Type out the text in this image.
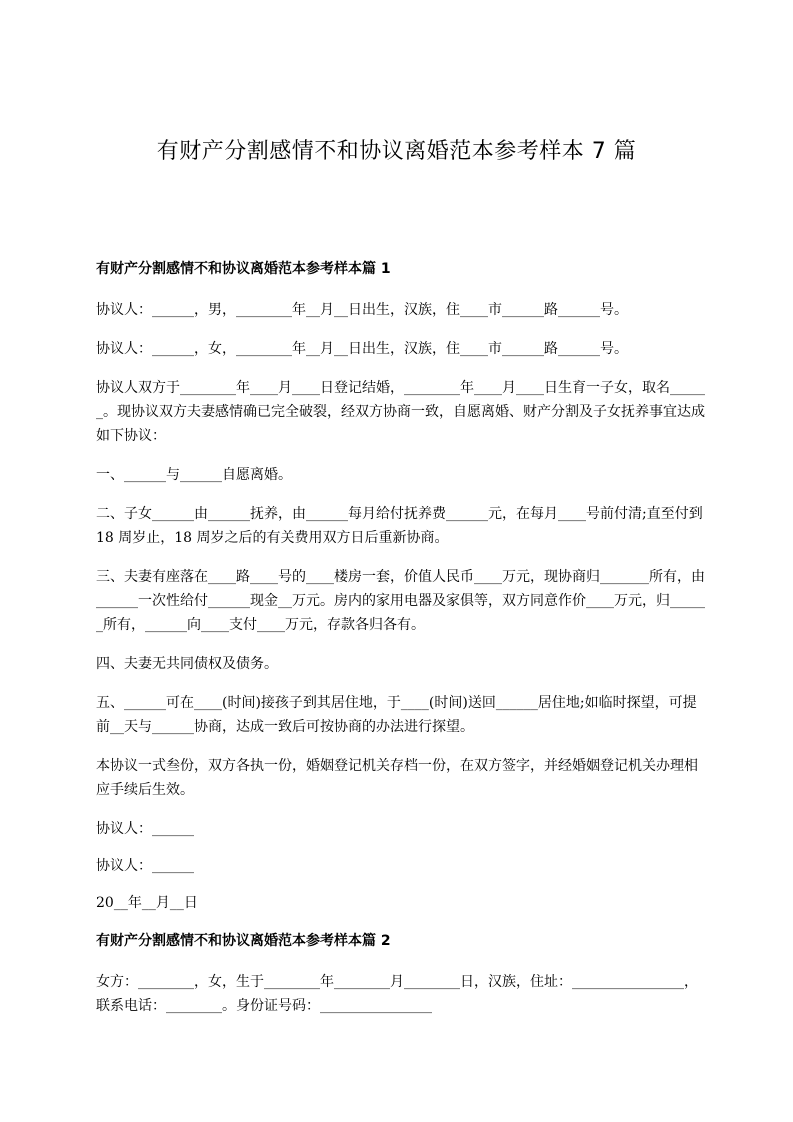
有财产分割感情不和协议离婚范本参考样本 7 篇
有财产分割感情不和协议离婚范本参考样本篇 1

协议人：______，男，________年__月__日出生，汉族，住____市______路______号。

协议人：______，女，________年__月__日出生，汉族，住____市______路______号。

协议人双方于________年____月____日登记结婚，________年____月____日生育一子女，取名______。现协议双方夫妻感情确已完全破裂，经双方协商一致，自愿离婚、财产分割及子女抚养事宜达成如下协议：

一、______与______自愿离婚。

二、子女______由______抚养，由______每月给付抚养费______元，在每月____号前付清;直至付到 18 周岁止，18 周岁之后的有关费用双方日后重新协商。

三、夫妻有座落在____路____号的____楼房一套，价值人民币____万元，现协商归_______所有，由______一次性给付______现金__万元。房内的家用电器及家俱等，双方同意作价____万元，归______所有，______向____支付____万元，存款各归各有。

四、夫妻无共同债权及债务。

五、______可在____(时间)接孩子到其居住地，于____(时间)送回______居住地;如临时探望，可提前__天与______协商，达成一致后可按协商的办法进行探望。

本协议一式叁份，双方各执一份，婚姻登记机关存档一份，在双方签字，并经婚姻登记机关办理相应手续后生效。

协议人：______

协议人：______

20__年__月__日

有财产分割感情不和协议离婚范本参考样本篇 2

女方：________，女，生于________年________月________日，汉族，住址：________________，联系电话：________。身份证号码：________________
